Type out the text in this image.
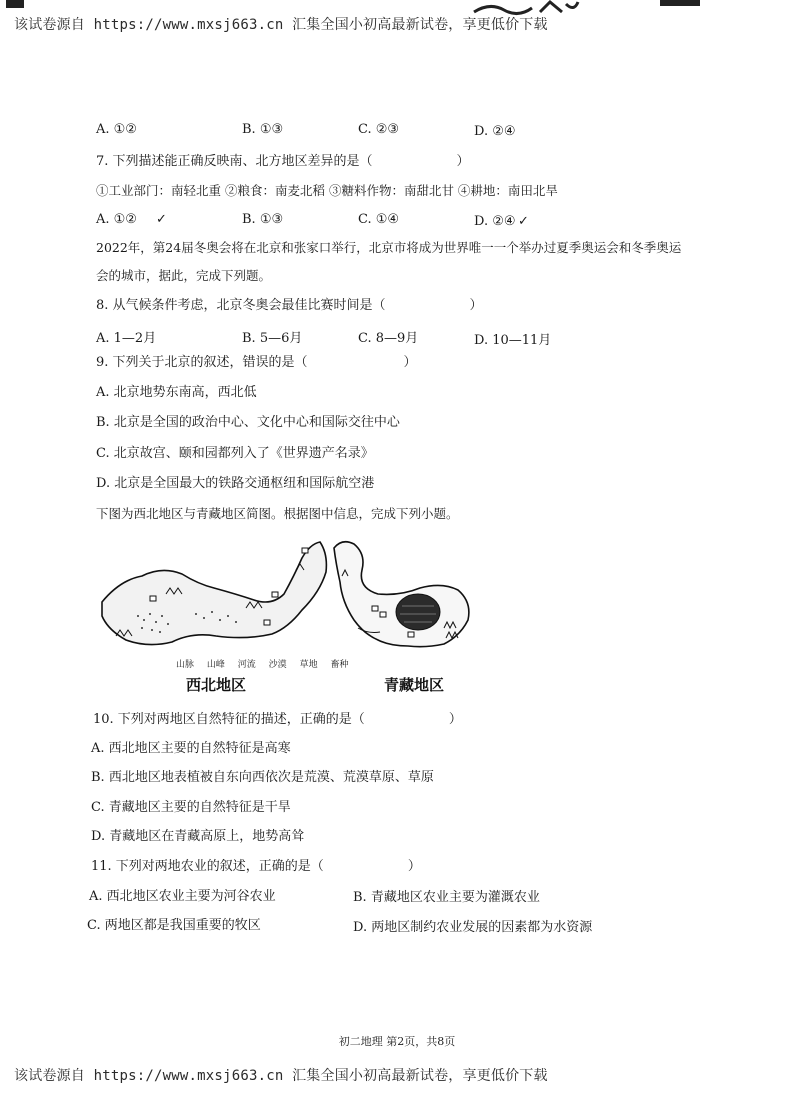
该试卷源自 https://www.mxsj663.cn 汇集全国小初高最新试卷，享更低价下载
A. ①②	B. ①③	C. ②③	D. ②④
7. 下列描述能正确反映南、北方地区差异的是（	）
①工业部门：南轻北重 ②粮食：南麦北稻 ③糖料作物：南甜北甘 ④耕地：南田北旱
A. ①② ✓	B. ①③	C. ①④	D. ②④ ✓
2022年，第24届冬奥会将在北京和张家口举行，北京市将成为世界唯一一个举办过夏季奥运会和冬季奥运
会的城市，据此，完成下列题。
8. 从气候条件考虑，北京冬奥会最佳比赛时间是（	）
A. 1—2月	B. 5—6月	C. 8—9月	D. 10—11月
9. 下列关于北京的叙述，错误的是（	）
A. 北京地势东南高，西北低
B. 北京是全国的政治中心、文化中心和国际交往中心
C. 北京故宫、颐和园都列入了《世界遗产名录》
D. 北京是全国最大的铁路交通枢纽和国际航空港
下图为西北地区与青藏地区简图。根据图中信息，完成下列小题。
山脉 山峰 河流 沙漠 草地 畜种
西北地区	青藏地区
10. 下列对两地区自然特征的描述，正确的是（	）
A. 西北地区主要的自然特征是高寒
B. 西北地区地表植被自东向西依次是荒漠、荒漠草原、草原
C. 青藏地区主要的自然特征是干旱
D. 青藏地区在青藏高原上，地势高耸
11. 下列对两地农业的叙述，正确的是（	）
A. 西北地区农业主要为河谷农业	B. 青藏地区农业主要为灌溉农业
C. 两地区都是我国重要的牧区	D. 两地区制约农业发展的因素都为水资源
初二地理 第2页，共8页
该试卷源自 https://www.mxsj663.cn 汇集全国小初高最新试卷，享更低价下载
